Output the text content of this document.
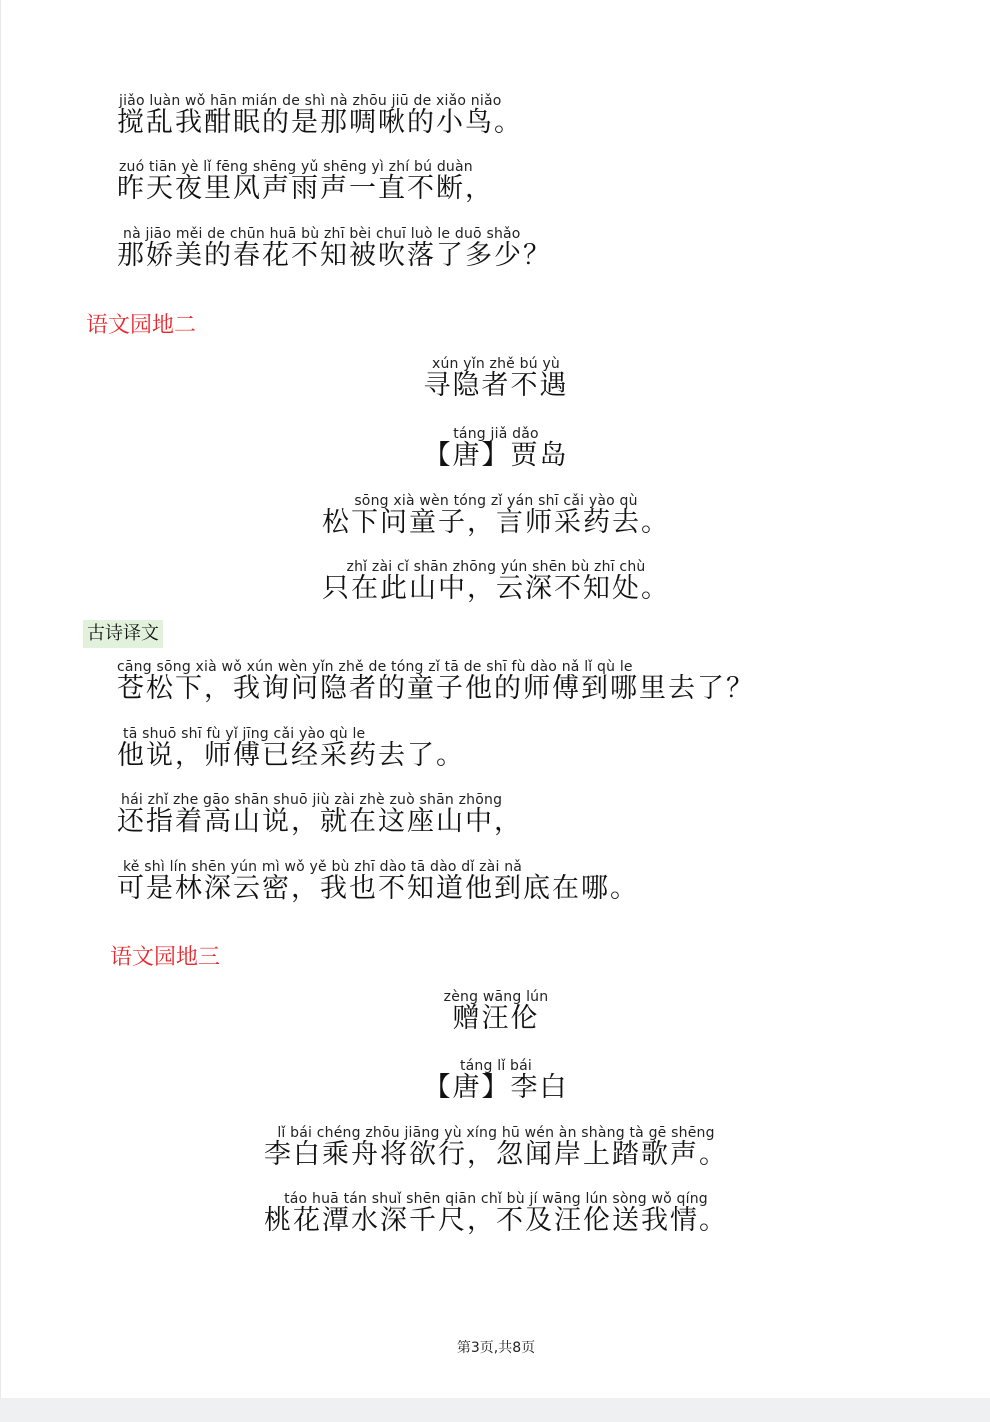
jiǎo luàn wǒ hān mián de shì nà zhōu jiū de xiǎo niǎo
搅乱我酣眠的是那啁啾的小鸟。
zuó tiān yè lǐ fēng shēng yǔ shēng yì zhí bú duàn
昨天夜里风声雨声一直不断，
nà jiāo měi de chūn huā bù zhī bèi chuī luò le duō shǎo
那娇美的春花不知被吹落了多少？
语文园地二
xún yǐn zhě bú yù
寻隐者不遇
táng jiǎ dǎo
【唐】贾岛
sōng xià wèn tóng zǐ yán shī cǎi yào qù
松下问童子，言师采药去。
zhǐ zài cǐ shān zhōng yún shēn bù zhī chù
只在此山中，云深不知处。
古诗译文
cāng sōng xià wǒ xún wèn yǐn zhě de tóng zǐ tā de shī fù dào nǎ lǐ qù le
苍松下，我询问隐者的童子他的师傅到哪里去了？
tā shuō shī fù yǐ jīng cǎi yào qù le
他说，师傅已经采药去了。
hái zhǐ zhe gāo shān shuō jiù zài zhè zuò shān zhōng
还指着高山说，就在这座山中，
kě shì lín shēn yún mì wǒ yě bù zhī dào tā dào dǐ zài nǎ
可是林深云密，我也不知道他到底在哪。
语文园地三
zèng wāng lún
赠汪伦
táng lǐ bái
【唐】李白
lǐ bái chéng zhōu jiāng yù xíng hū wén àn shàng tà gē shēng
李白乘舟将欲行，忽闻岸上踏歌声。
táo huā tán shuǐ shēn qiān chǐ bù jí wāng lún sòng wǒ qíng
桃花潭水深千尺，不及汪伦送我情。
第3页,共8页
